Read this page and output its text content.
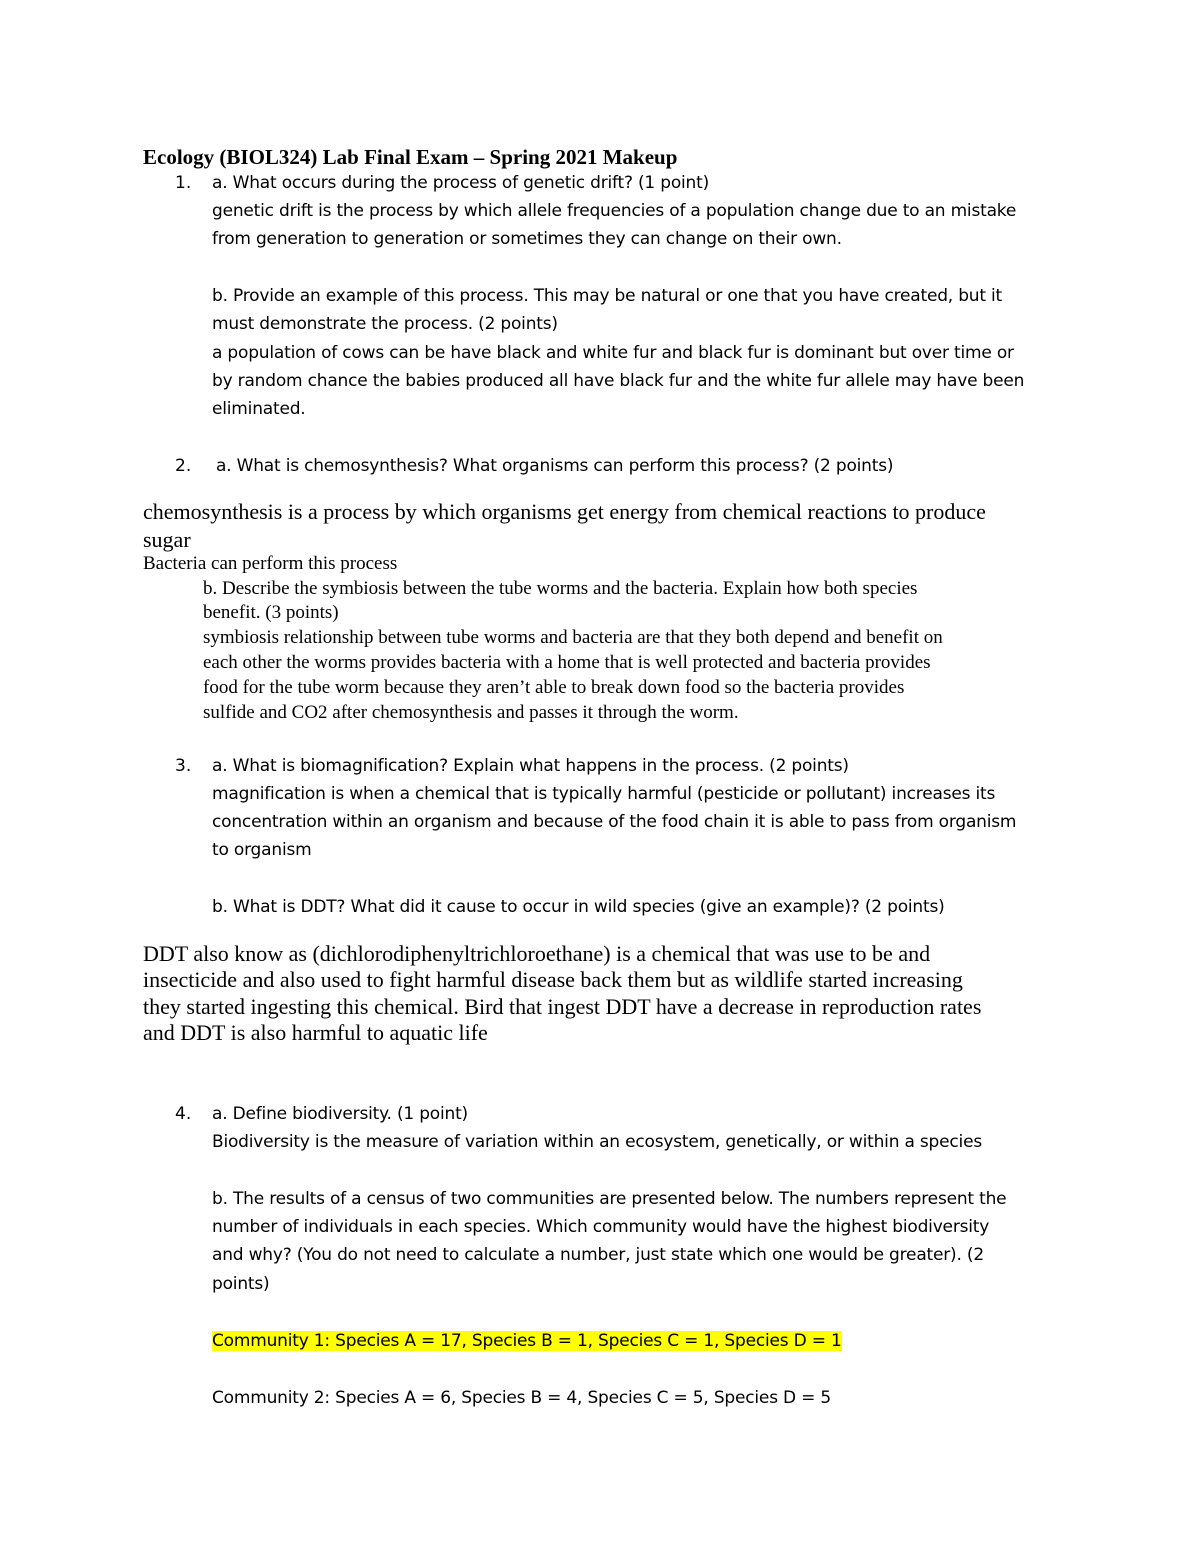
Ecology (BIOL324) Lab Final Exam – Spring 2021 Makeup
1. a. What occurs during the process of genetic drift? (1 point)
genetic drift is the process by which allele frequencies of a population change due to an mistake
from generation to generation or sometimes they can change on their own.
b. Provide an example of this process. This may be natural or one that you have created, but it
must demonstrate the process. (2 points)
a population of cows can be have black and white fur and black fur is dominant but over time or
by random chance the babies produced all have black fur and the white fur allele may have been
eliminated.
2. a. What is chemosynthesis? What organisms can perform this process? (2 points)
chemosynthesis is a process by which organisms get energy from chemical reactions to produce
sugar
Bacteria can perform this process
b. Describe the symbiosis between the tube worms and the bacteria. Explain how both species
benefit. (3 points)
symbiosis relationship between tube worms and bacteria are that they both depend and benefit on
each other the worms provides bacteria with a home that is well protected and bacteria provides
food for the tube worm because they aren’t able to break down food so the bacteria provides
sulfide and CO2 after chemosynthesis and passes it through the worm.
3. a. What is biomagnification? Explain what happens in the process. (2 points)
magnification is when a chemical that is typically harmful (pesticide or pollutant) increases its
concentration within an organism and because of the food chain it is able to pass from organism
to organism
b. What is DDT? What did it cause to occur in wild species (give an example)? (2 points)
DDT also know as (dichlorodiphenyltrichloroethane) is a chemical that was use to be and
insecticide and also used to fight harmful disease back them but as wildlife started increasing
they started ingesting this chemical. Bird that ingest DDT have a decrease in reproduction rates
and DDT is also harmful to aquatic life
4. a. Define biodiversity. (1 point)
Biodiversity is the measure of variation within an ecosystem, genetically, or within a species
b. The results of a census of two communities are presented below. The numbers represent the
number of individuals in each species. Which community would have the highest biodiversity
and why? (You do not need to calculate a number, just state which one would be greater). (2
points)
Community 1: Species A = 17, Species B = 1, Species C = 1, Species D = 1
Community 2: Species A = 6, Species B = 4, Species C = 5, Species D = 5
